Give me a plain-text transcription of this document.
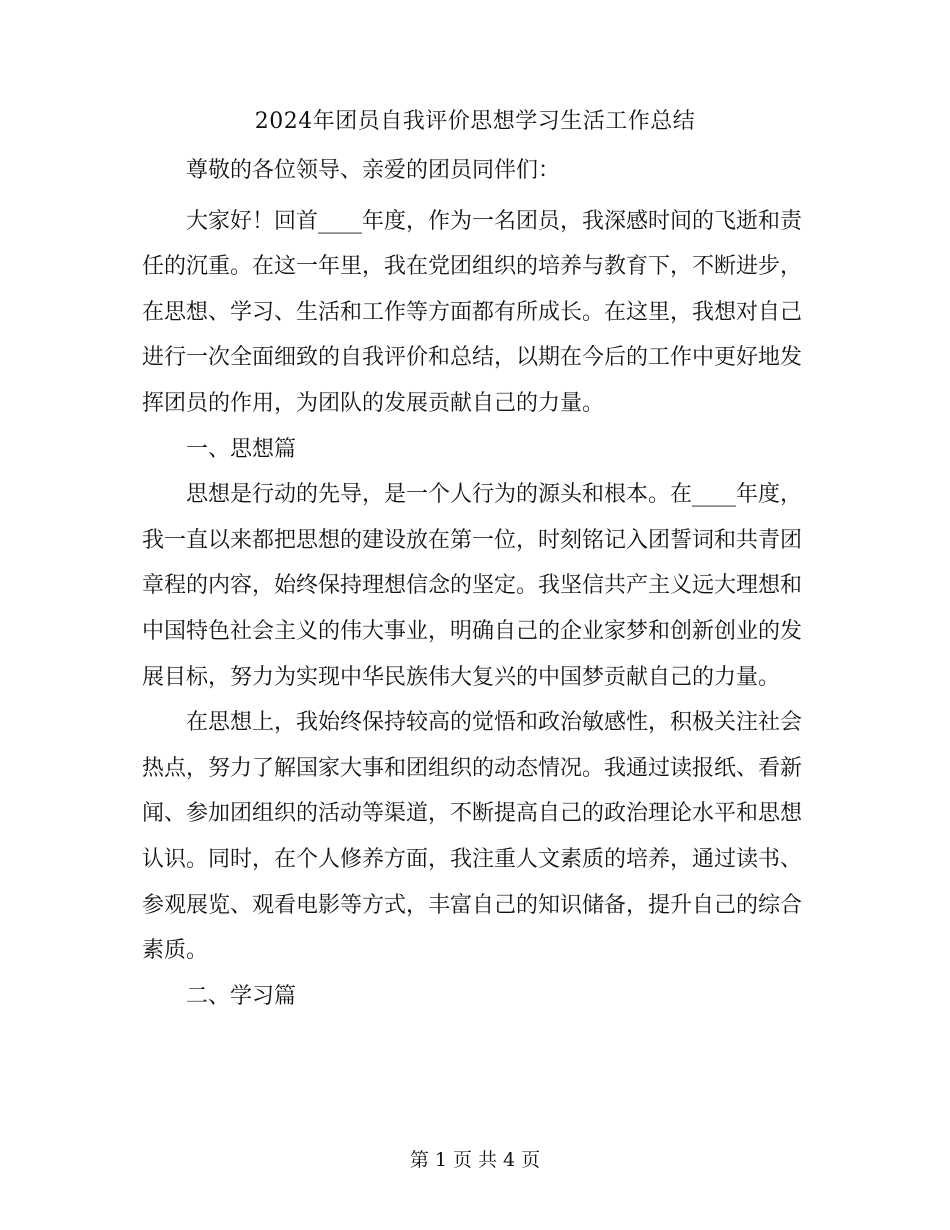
2024年团员自我评价思想学习生活工作总结

尊敬的各位领导、亲爱的团员同伴们：

大家好！回首____年度，作为一名团员，我深感时间的飞逝和责任的沉重。在这一年里，我在党团组织的培养与教育下，不断进步，在思想、学习、生活和工作等方面都有所成长。在这里，我想对自己进行一次全面细致的自我评价和总结，以期在今后的工作中更好地发挥团员的作用，为团队的发展贡献自己的力量。

一、思想篇

思想是行动的先导，是一个人行为的源头和根本。在____年度，我一直以来都把思想的建设放在第一位，时刻铭记入团誓词和共青团章程的内容，始终保持理想信念的坚定。我坚信共产主义远大理想和中国特色社会主义的伟大事业，明确自己的企业家梦和创新创业的发展目标，努力为实现中华民族伟大复兴的中国梦贡献自己的力量。

在思想上，我始终保持较高的觉悟和政治敏感性，积极关注社会热点，努力了解国家大事和团组织的动态情况。我通过读报纸、看新闻、参加团组织的活动等渠道，不断提高自己的政治理论水平和思想认识。同时，在个人修养方面，我注重人文素质的培养，通过读书、参观展览、观看电影等方式，丰富自己的知识储备，提升自己的综合素质。

二、学习篇

第 1 页 共 4 页
